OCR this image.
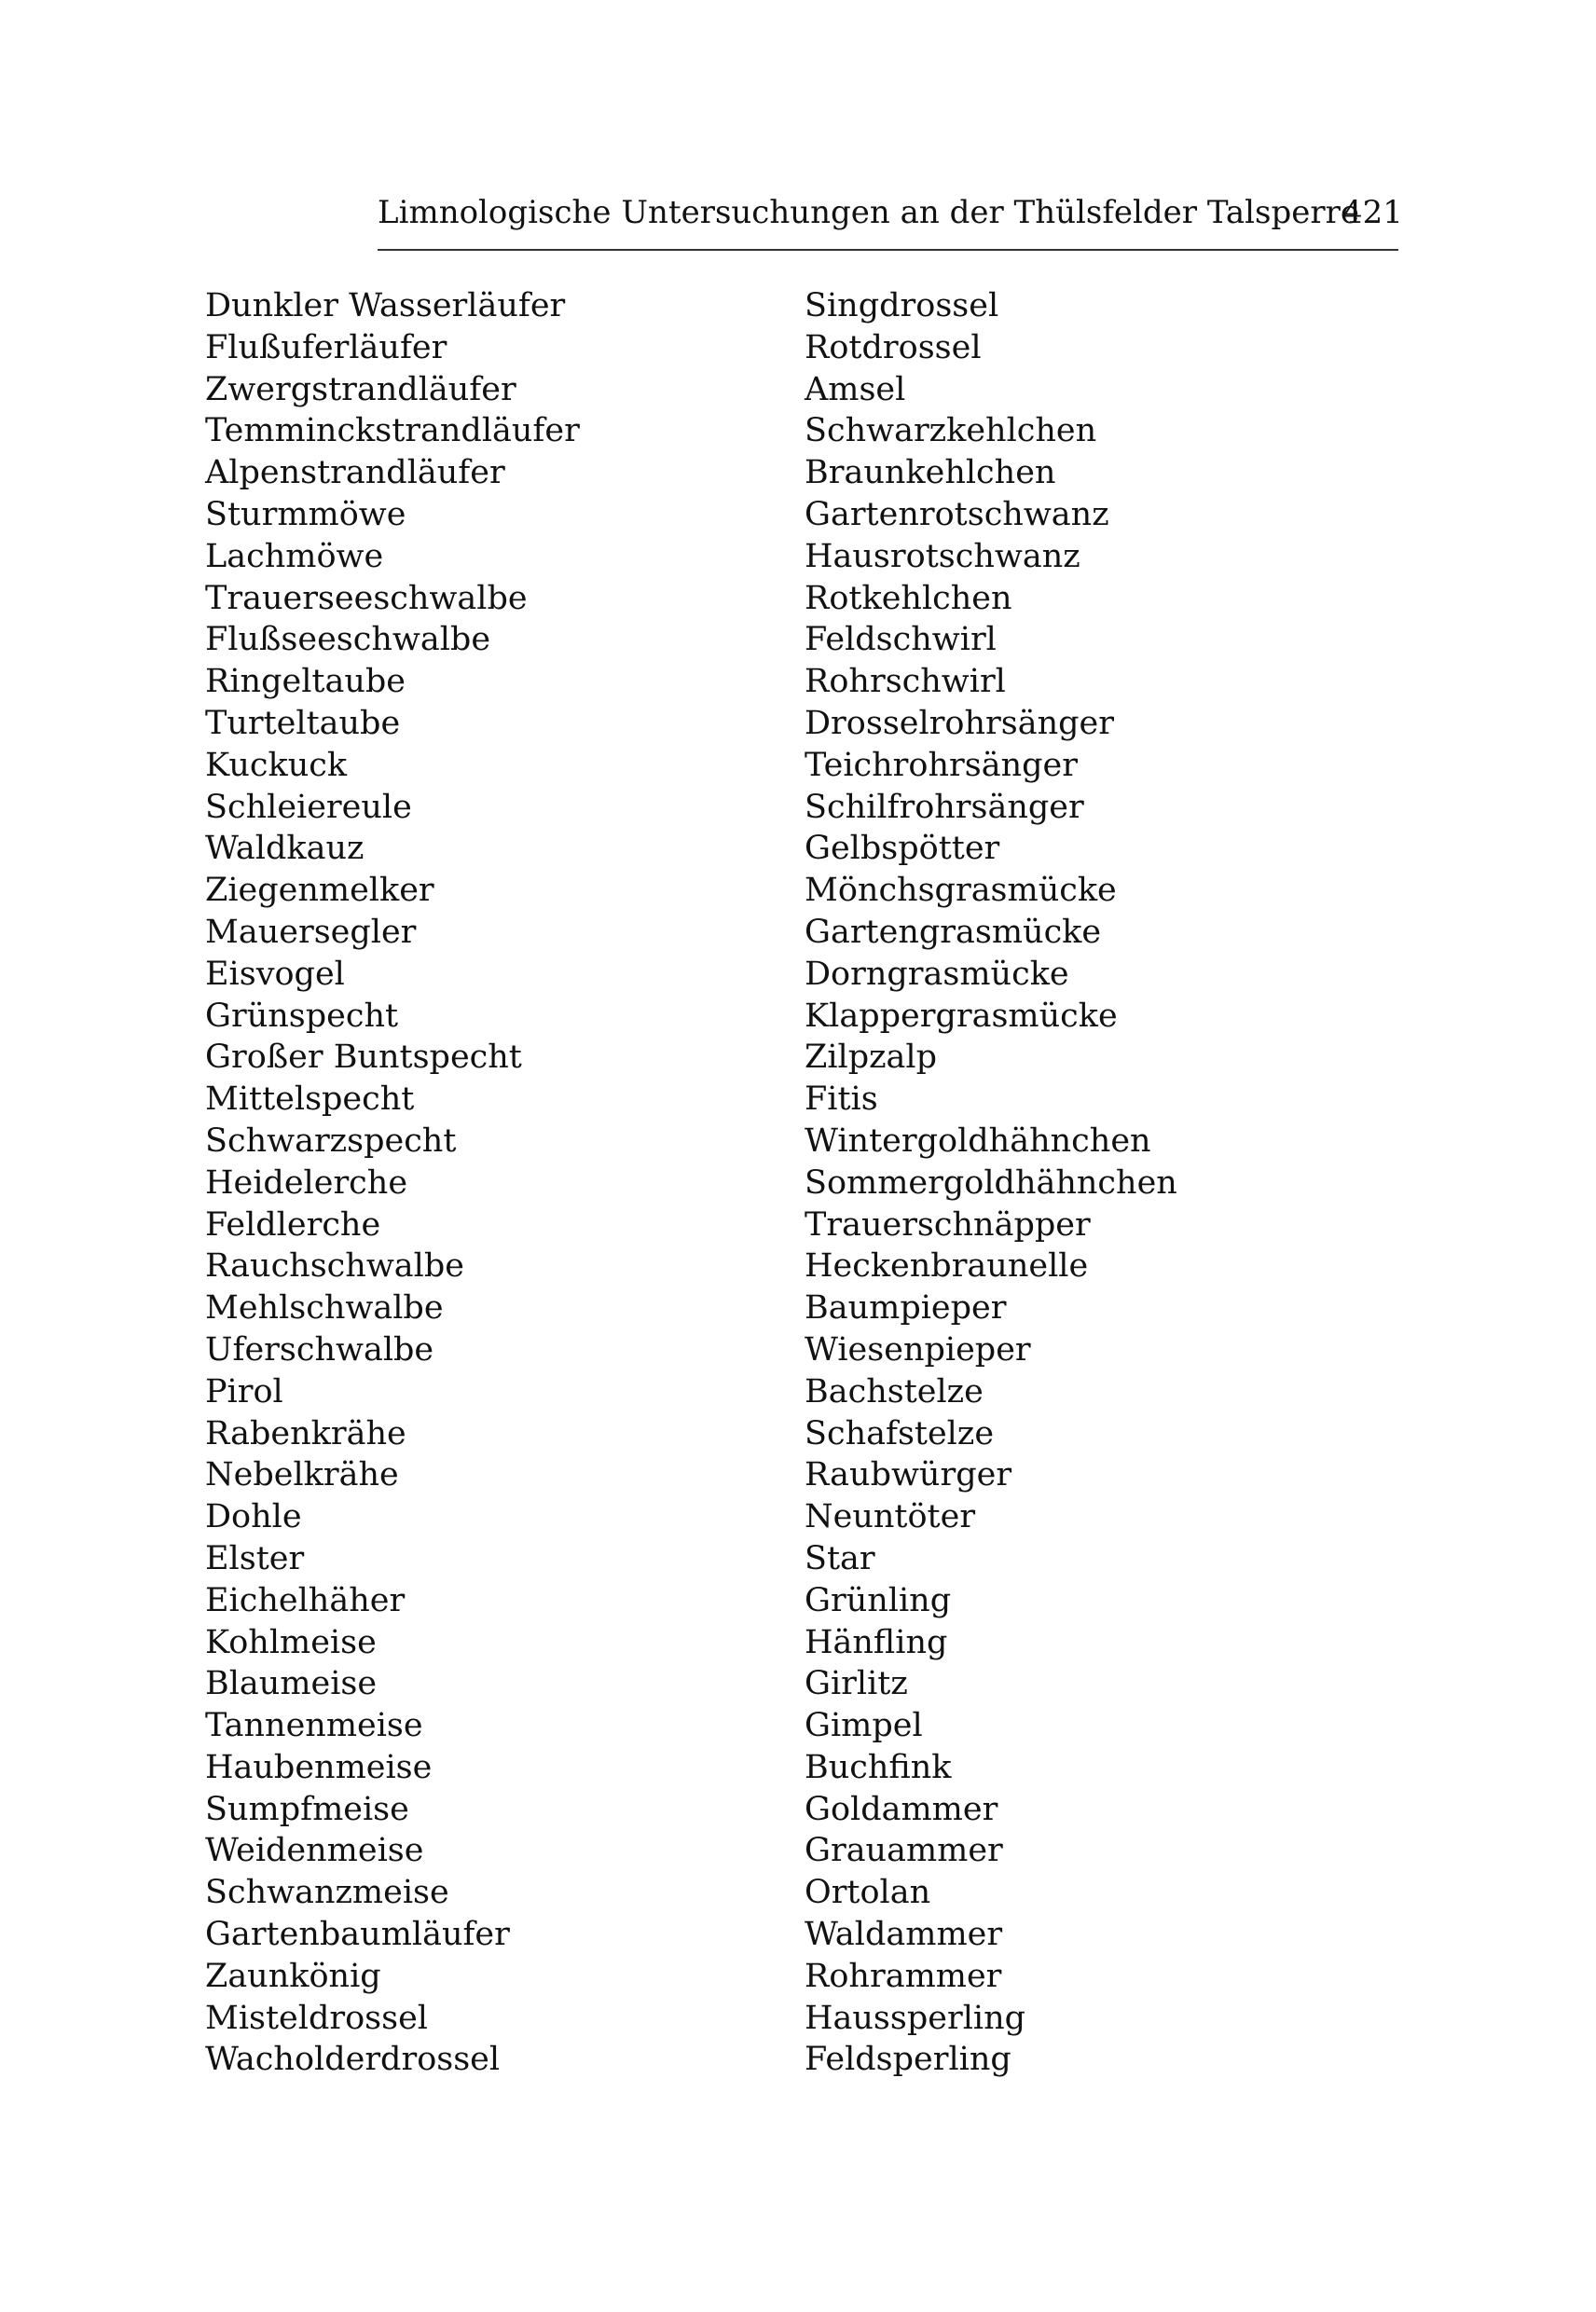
Limnologische Untersuchungen an der Thülsfelder Talsperre
421
Dunkler Wasserläufer
Flußuferläufer
Zwergstrandläufer
Temminckstrandläufer
Alpenstrandläufer
Sturmmöwe
Lachmöwe
Trauerseeschwalbe
Flußseeschwalbe
Ringeltaube
Turteltaube
Kuckuck
Schleiereule
Waldkauz
Ziegenmelker
Mauersegler
Eisvogel
Grünspecht
Großer Buntspecht
Mittelspecht
Schwarzspecht
Heidelerche
Feldlerche
Rauchschwalbe
Mehlschwalbe
Uferschwalbe
Pirol
Rabenkrähe
Nebelkrähe
Dohle
Elster
Eichelhäher
Kohlmeise
Blaumeise
Tannenmeise
Haubenmeise
Sumpfmeise
Weidenmeise
Schwanzmeise
Gartenbaumläufer
Zaunkönig
Misteldrossel
Wacholderdrossel
Singdrossel
Rotdrossel
Amsel
Schwarzkehlchen
Braunkehlchen
Gartenrotschwanz
Hausrotschwanz
Rotkehlchen
Feldschwirl
Rohrschwirl
Drosselrohrsänger
Teichrohrsänger
Schilfrohrsänger
Gelbspötter
Mönchsgrasmücke
Gartengrasmücke
Dorngrasmücke
Klappergrasmücke
Zilpzalp
Fitis
Wintergoldhähnchen
Sommergoldhähnchen
Trauerschnäpper
Heckenbraunelle
Baumpieper
Wiesenpieper
Bachstelze
Schafstelze
Raubwürger
Neuntöter
Star
Grünling
Hänfling
Girlitz
Gimpel
Buchfink
Goldammer
Grauammer
Ortolan
Waldammer
Rohrammer
Haussperling
Feldsperling
